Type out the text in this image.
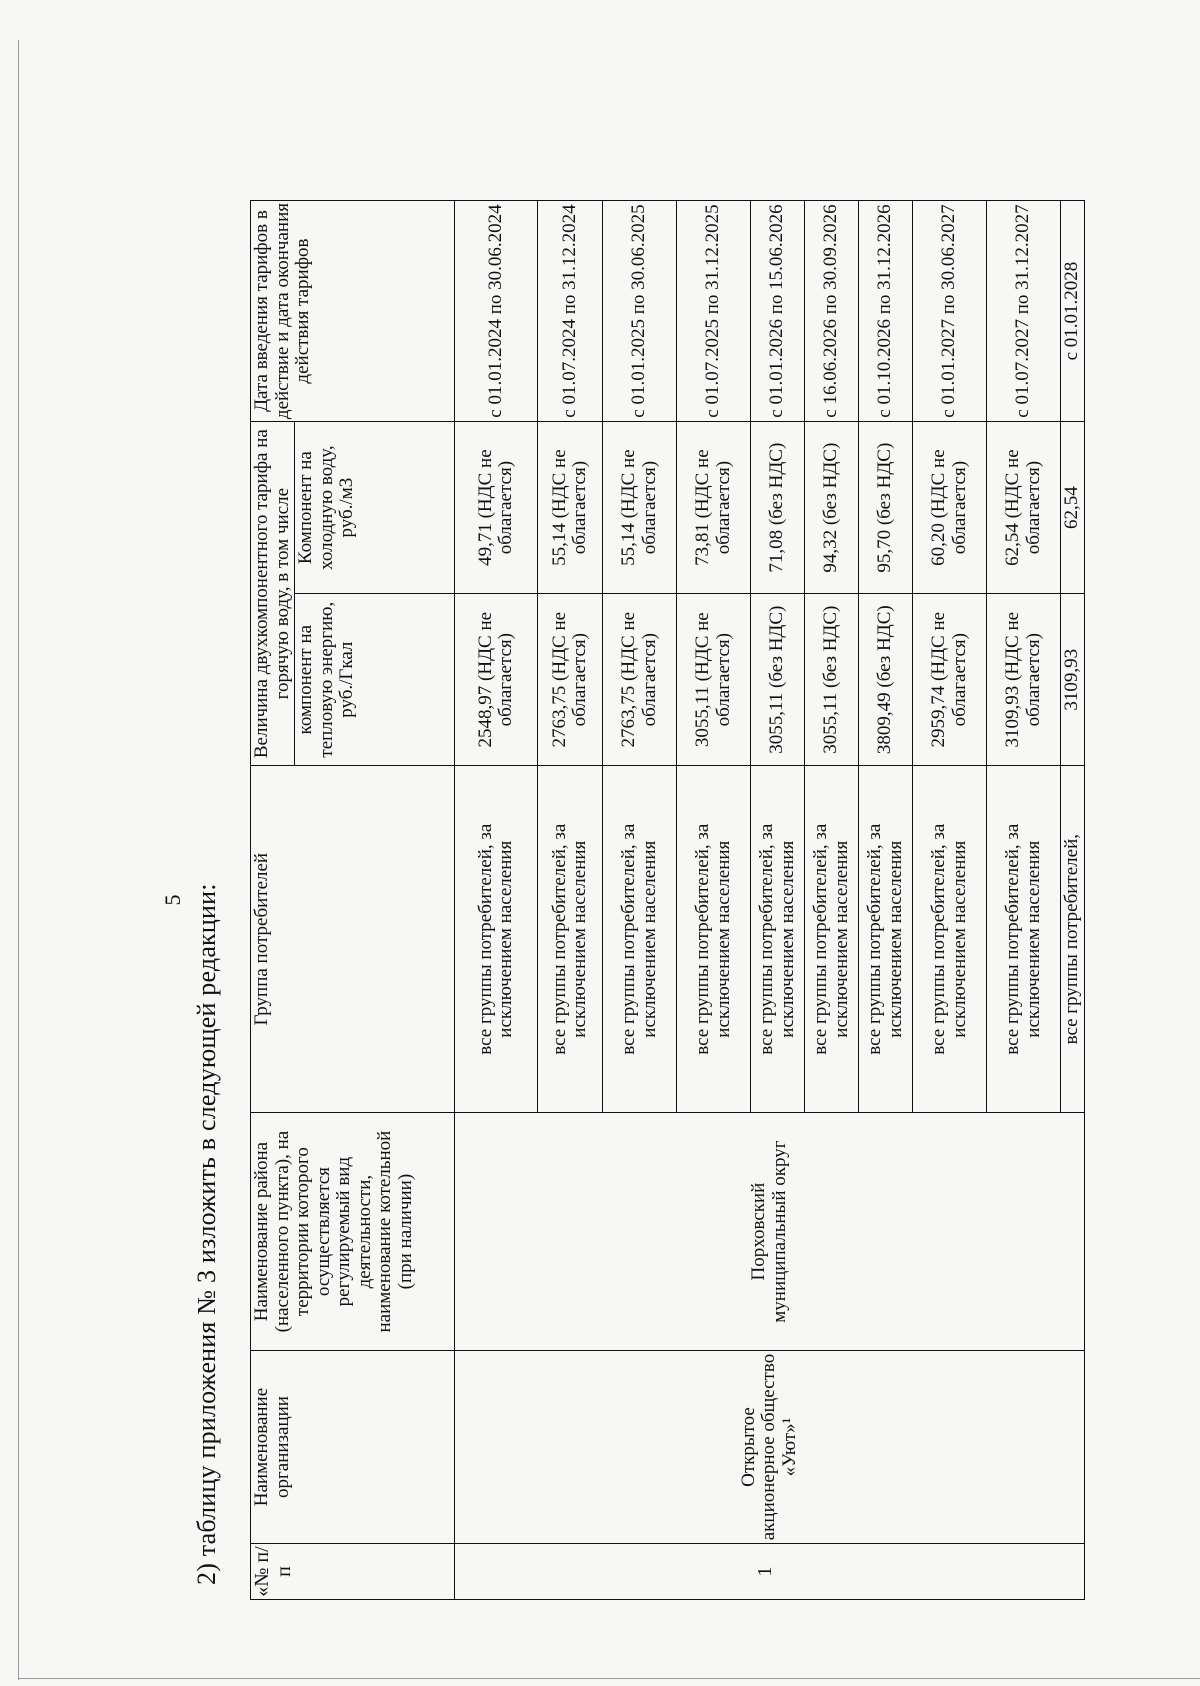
5 2) таблицу приложения № 3 изложить в следующей редакции: «№ п/п	Наименование организации	Наименование района (населенного пункта), на территории которого осуществляется регулируемый вид деятельности, наименование котельной (при наличии)	Группа потребителей	Величина двухкомпонентного тарифа на горячую воду, в том числе		Дата введения тарифов в действие и дата окончания действия тарифов
				компонент на тепловую энергию, руб./Гкал	Компонент на холодную воду, руб./м3	
1	Открытое акционерное общество «Уют»¹	Порховский муниципальный округ	все группы потребителей, за исключением населения	2548,97 (НДС не облагается)	49,71 (НДС не облагается)	с 01.01.2024 по 30.06.2024
			все группы потребителей, за исключением населения	2763,75 (НДС не облагается)	55,14 (НДС не облагается)	с 01.07.2024 по 31.12.2024
			все группы потребителей, за исключением населения	2763,75 (НДС не облагается)	55,14 (НДС не облагается)	с 01.01.2025 по 30.06.2025
			все группы потребителей, за исключением населения	3055,11 (НДС не облагается)	73,81 (НДС не облагается)	с 01.07.2025 по 31.12.2025
			все группы потребителей, за исключением населения	3055,11 (без НДС)	71,08 (без НДС)	с 01.01.2026 по 15.06.2026
			все группы потребителей, за исключением населения	3055,11 (без НДС)	94,32 (без НДС)	с 16.06.2026 по 30.09.2026
			все группы потребителей, за исключением населения	3809,49 (без НДС)	95,70 (без НДС)	с 01.10.2026 по 31.12.2026
			все группы потребителей, за исключением населения	2959,74 (НДС не облагается)	60,20 (НДС не облагается)	с 01.01.2027 по 30.06.2027
			все группы потребителей, за исключением населения	3109,93 (НДС не облагается)	62,54 (НДС не облагается)	с 01.07.2027 по 31.12.2027
			все группы потребителей,	3109,93	62,54	с 01.01.2028
